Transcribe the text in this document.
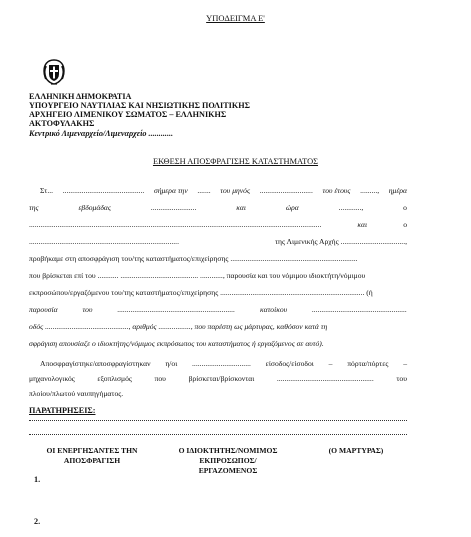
ΥΠΟΔΕΙΓΜΑ Ε'
ΕΛΛΗΝΙΚΗ ΔΗΜΟΚΡΑΤΙΑ
ΥΠΟΥΡΓΕΙΟ ΝΑΥΤΙΛΙΑΣ ΚΑΙ ΝΗΣΙΩΤΙΚΗΣ ΠΟΛΙΤΙΚΗΣ
ΑΡΧΗΓΕΙΟ ΛΙΜΕΝΙΚΟΥ ΣΩΜΑΤΟΣ – ΕΛΛΗΝΙΚΗΣ
ΑΚΤΟΦΥΛΑΚΗΣ
Κεντρικό Λιμεναρχείο/Λιμεναρχείο ............
ΕΚΘΕΣΗ ΑΠΟΣΦΡΑΓΙΣΗΣ ΚΑΤΑΣΤΗΜΑΤΟΣ
Στ... ........................................... σήμερα την ....... του μηνός ............................ του έτους ........., ημέρα
της	εβδομάδας	........................	και	ώρα	............,	ο
..........................................................................................................................................................	και	ο
...............................................................................	της Λιμενικής Αρχής ..................................,
προβήκαμε στη αποσφράγιση του/της καταστήματος/επιχείρησης ...................................................................
που βρίσκεται επί του ........... ......................................... ............, παρουσία και του νόμιμου ιδιοκτήτη/νόμιμου
εκπροσώπου/εργαζόμενου του/της καταστήματος/επιχείρησης ............................................................................ (ή
παρουσία	του	..............................................................	κατοίκου	..................................................
οδός ............................................, αριθμός ................., που παρέστη ως μάρτυρας, καθόσον κατά τη
σφράγιση απουσίαζε ο ιδιοκτήτης/νόμιμος εκπρόσωπος του καταστήματος ή εργαζόμενος σε αυτό).
Αποσφραγίστηκε/αποσφραγίστηκαν η/οι ............................... είσοδος/είσοδοι – πόρτα/πόρτες –
μηχανολογικός	εξοπλισμός	που	βρίσκεται/βρίσκονται	...................................................	του
πλοίου/πλωτού ναυπηγήματος.
ΠΑΡΑΤΗΡΗΣΕΙΣ:
ΟΙ ΕΝΕΡΓΗΣΑΝΤΕΣ ΤΗΝ
ΑΠΟΣΦΡΑΓΙΣΗ
Ο ΙΔΙΟΚΤΗΤΗΣ/ΝΟΜΙΜΟΣ
ΕΚΠΡΟΣΩΠΟΣ/
ΕΡΓΑΖΟΜΕΝΟΣ
(Ο ΜΑΡΤΥΡΑΣ)
1.
2.
